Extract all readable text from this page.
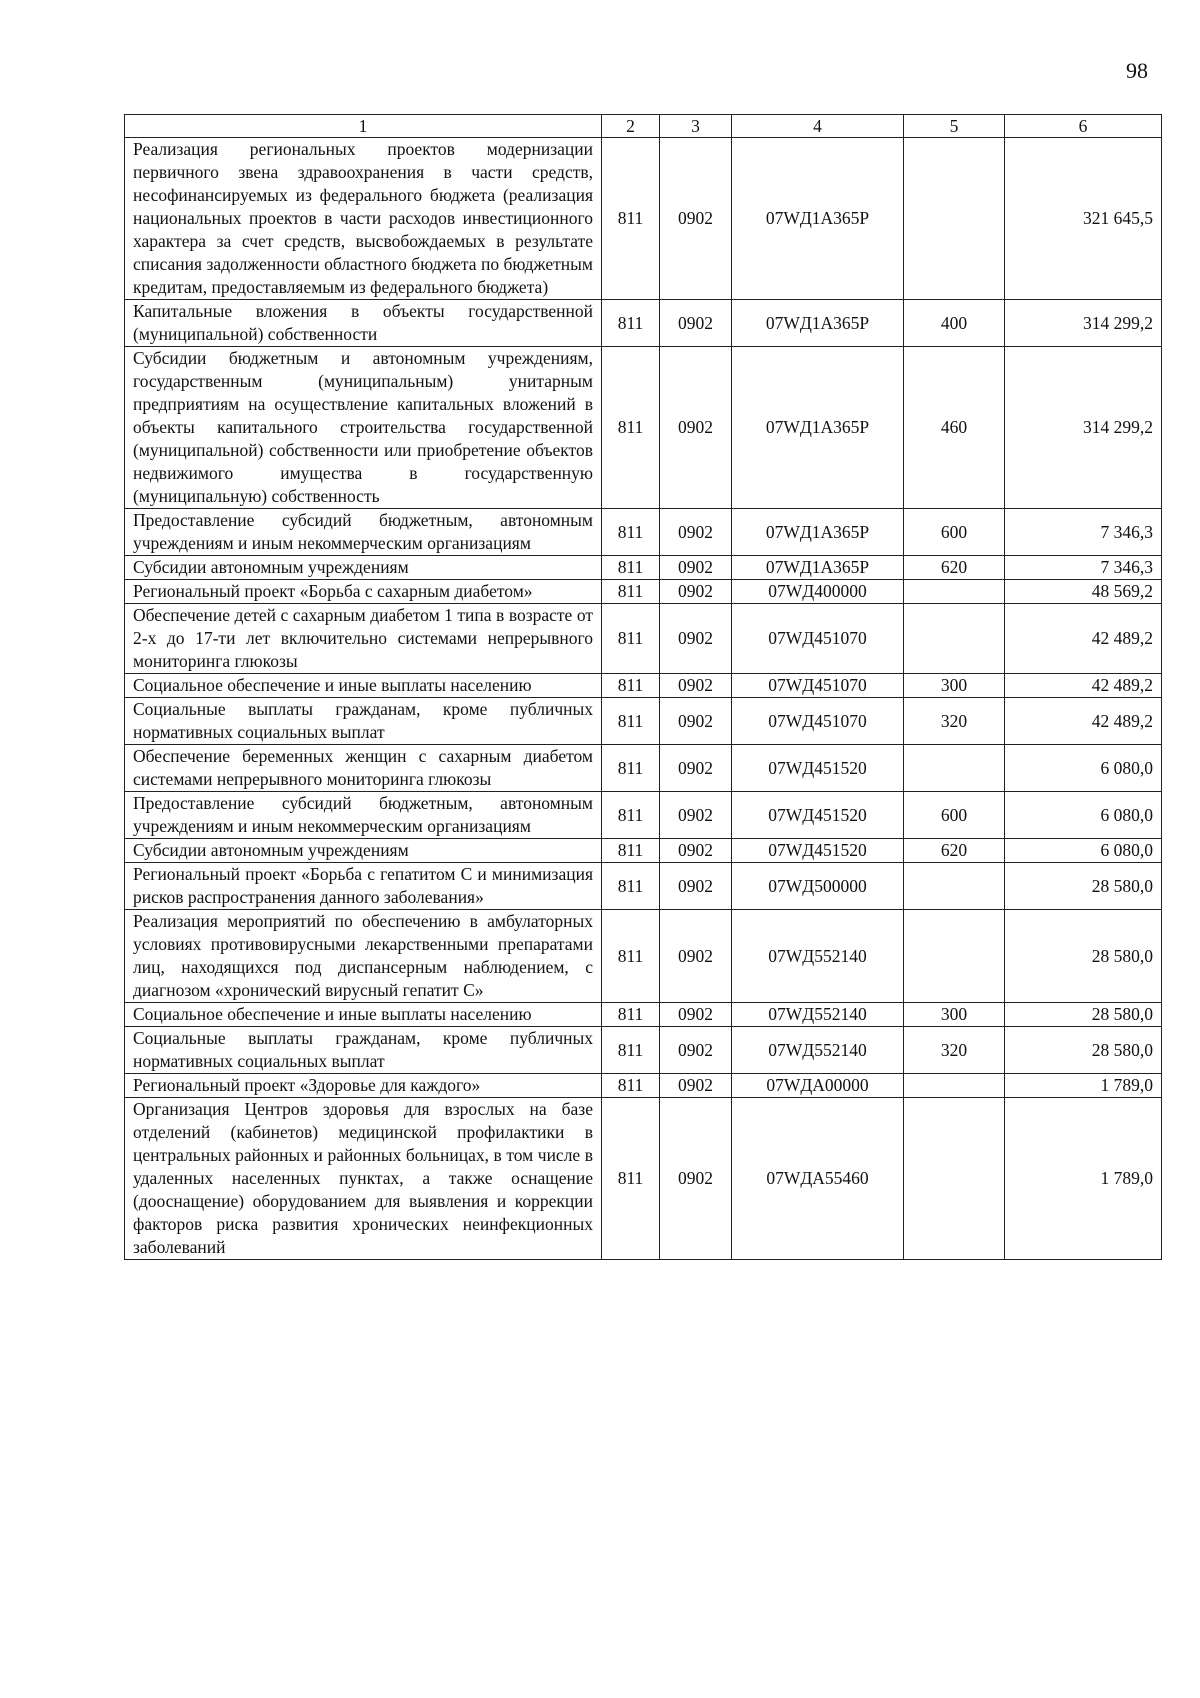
98
1	2	3	4	5	6
Реализация региональных проектов модернизации первичного звена здравоохранения в части средств, несофинансируемых из федерального бюджета (реализация национальных проектов в части расходов инвестиционного характера за счет средств, высвобождаемых в результате списания задолженности областного бюджета по бюджетным кредитам, предоставляемым из федерального бюджета)	811	0902	07WД1А365Р		321 645,5
Капитальные вложения в объекты государственной (муниципальной) собственности	811	0902	07WД1А365Р	400	314 299,2
Субсидии бюджетным и автономным учреждениям, государственным (муниципальным) унитарным предприятиям на осуществление капитальных вложений в объекты капитального строительства государственной (муниципальной) собственности или приобретение объектов недвижимого имущества в государственную (муниципальную) собственность	811	0902	07WД1А365Р	460	314 299,2
Предоставление субсидий бюджетным, автономным учреждениям и иным некоммерческим организациям	811	0902	07WД1А365Р	600	7 346,3
Субсидии автономным учреждениям	811	0902	07WД1А365Р	620	7 346,3
Региональный проект «Борьба с сахарным диабетом»	811	0902	07WД400000		48 569,2
Обеспечение детей с сахарным диабетом 1 типа в возрасте от 2-х до 17-ти лет включительно системами непрерывного мониторинга глюкозы	811	0902	07WД451070		42 489,2
Социальное обеспечение и иные выплаты населению	811	0902	07WД451070	300	42 489,2
Социальные выплаты гражданам, кроме публичных нормативных социальных выплат	811	0902	07WД451070	320	42 489,2
Обеспечение беременных женщин с сахарным диабетом системами непрерывного мониторинга глюкозы	811	0902	07WД451520		6 080,0
Предоставление субсидий бюджетным, автономным учреждениям и иным некоммерческим организациям	811	0902	07WД451520	600	6 080,0
Субсидии автономным учреждениям	811	0902	07WД451520	620	6 080,0
Региональный проект «Борьба с гепатитом С и минимизация рисков распространения данного заболевания»	811	0902	07WД500000		28 580,0
Реализация мероприятий по обеспечению в амбулаторных условиях противовирусными лекарственными препаратами лиц, находящихся под диспансерным наблюдением, с диагнозом «хронический вирусный гепатит С»	811	0902	07WД552140		28 580,0
Социальное обеспечение и иные выплаты населению	811	0902	07WД552140	300	28 580,0
Социальные выплаты гражданам, кроме публичных нормативных социальных выплат	811	0902	07WД552140	320	28 580,0
Региональный проект «Здоровье для каждого»	811	0902	07WДА00000		1 789,0
Организация Центров здоровья для взрослых на базе отделений (кабинетов) медицинской профилактики в центральных районных и районных больницах, в том числе в удаленных населенных пунктах, а также оснащение (дооснащение) оборудованием для выявления и коррекции факторов риска развития хронических неинфекционных заболеваний	811	0902	07WДА55460		1 789,0
